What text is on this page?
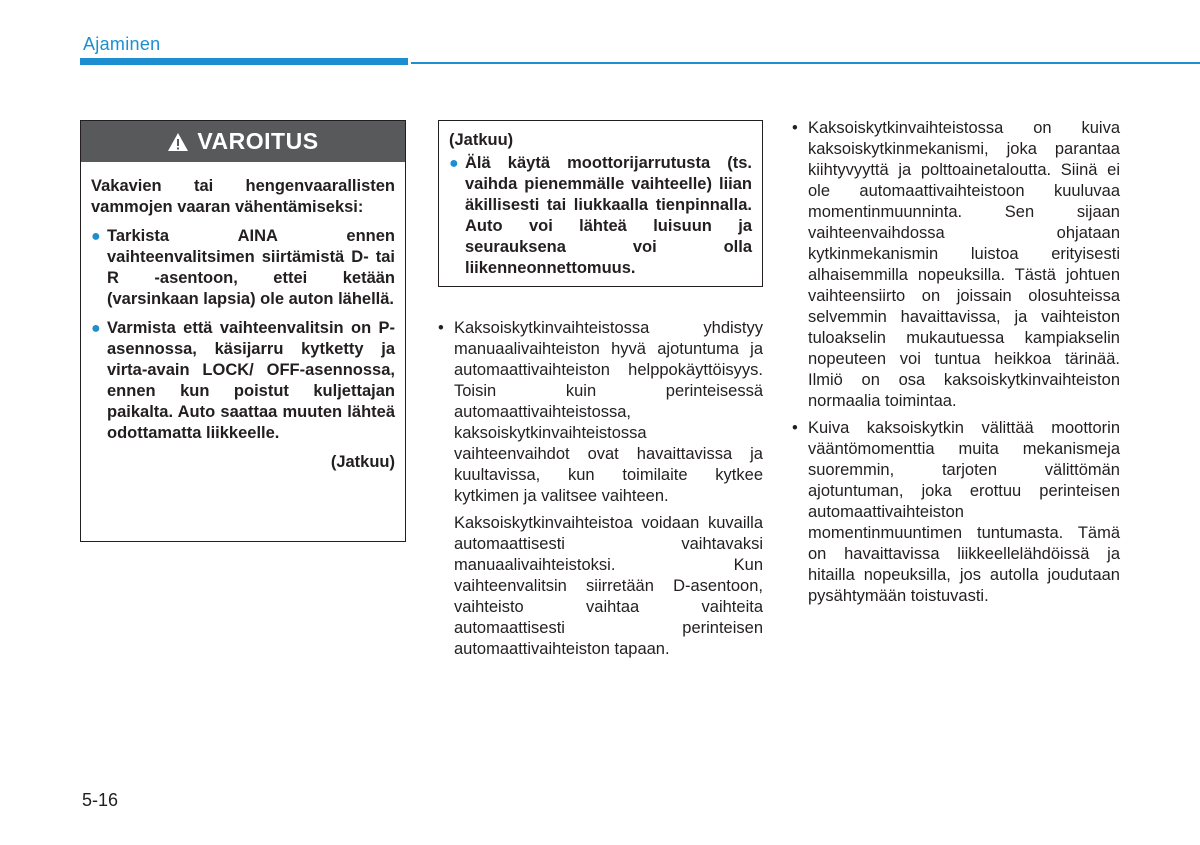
Ajaminen
VAROITUS

Vakavien tai hengenvaarallisten vammojen vaaran vähentämiseksi:

● Tarkista AINA ennen vaihteenvalitsimen siirtämistä D- tai R -asentoon, ettei ketään (varsinkaan lapsia) ole auton lähellä.
● Varmista että vaihteenvalitsin on P-asennossa, käsijarru kytketty ja virta-avain LOCK/ OFF-asennossa, ennen kun poistut kuljettajan paikalta. Auto saattaa muuten lähteä odottamatta liikkeelle.
(Jatkuu)
(Jatkuu)
● Älä käytä moottorijarrutusta (ts. vaihda pienemmälle vaihteelle) liian äkillisesti tai liukkaalla tienpinnalla. Auto voi lähteä luisuun ja seurauksena voi olla liikenneonnettomuus.
• Kaksoiskytkinvaihteistossa yhdistyy manuaalivaihteiston hyvä ajotuntuma ja automaattivaihteiston helppokäyttöisyys. Toisin kuin perinteisessä automaattivaihteistossa, kaksoiskytkinvaihteistossa vaihteenvaihdot ovat havaittavissa ja kuultavissa, kun toimilaite kytkee kytkimen ja valitsee vaihteen.

Kaksoiskytkinvaihteistoa voidaan kuvailla automaattisesti vaihtavaksi manuaalivaihteistoksi. Kun vaihteenvalitsin siirretään D-asentoon, vaihteisto vaihtaa vaihteita automaattisesti perinteisen automaattivaihteiston tapaan.

• Kaksoiskytkinvaihteistossa on kuiva kaksoiskytkinmekanismi, joka parantaa kiihtyvyyttä ja polttoainetaloutta. Siinä ei ole automaattivaihteistoon kuuluvaa momentinmuunninta. Sen sijaan vaihteenvaihdossa ohjataan kytkinmekanismin luistoa erityisesti alhaisemmilla nopeuksilla. Tästä johtuen vaihteensiirto on joissain olosuhteissa selvemmin havaittavissa, ja vaihteiston tuloakselin mukautuessa kampiakselin nopeuteen voi tuntua heikkoa tärinää. Ilmiö on osa kaksoiskytkinvaihteiston normaalia toimintaa.
• Kuiva kaksoiskytkin välittää moottorin vääntömomenttia muita mekanismeja suoremmin, tarjoten välittömän ajotuntuman, joka erottuu perinteisen automaattivaihteiston momentinmuuntimen tuntumasta. Tämä on havaittavissa liikkeellelähdöissä ja hitailla nopeuksilla, jos autolla joudutaan pysähtymään toistuvasti.
5-16
